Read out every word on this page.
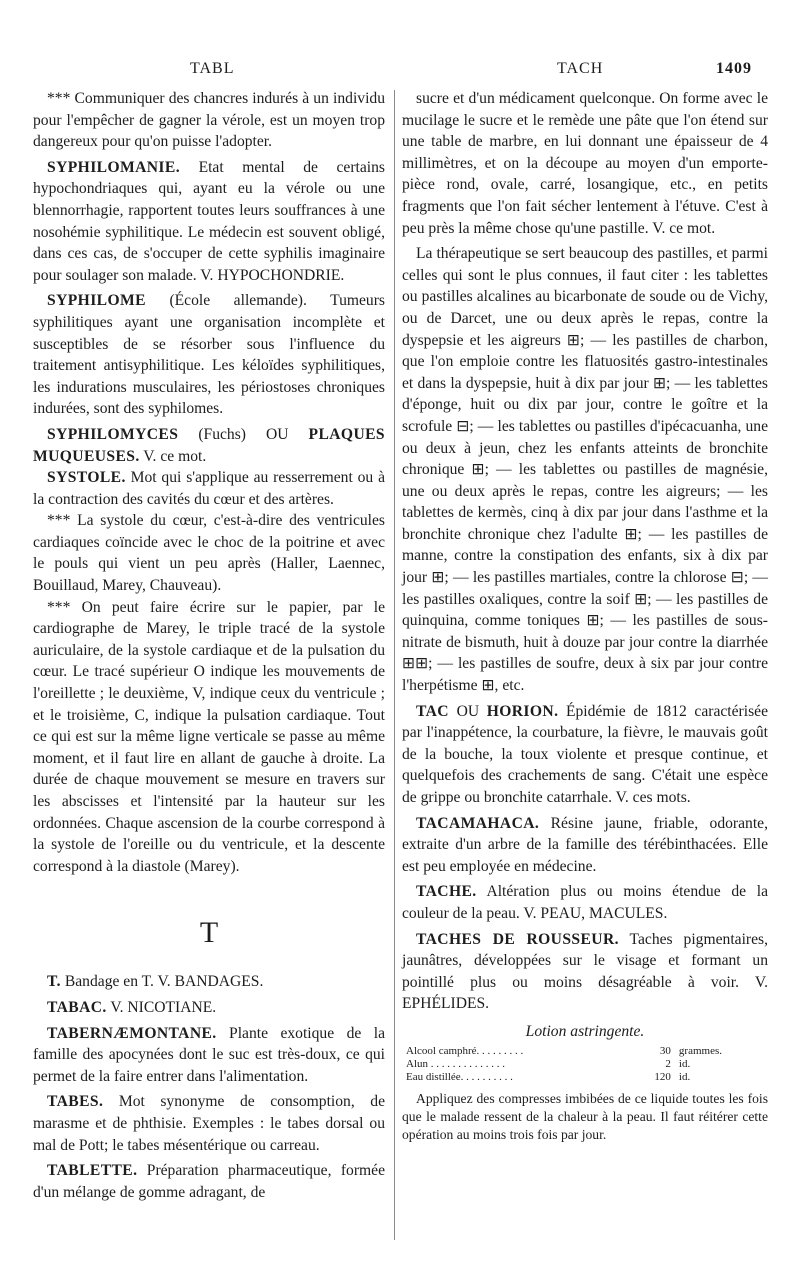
TABL	TACH	1409

*** Communiquer des chancres indurés à un individu pour l'empêcher de gagner la vérole, est un moyen trop dangereux pour qu'on puisse l'adopter.

SYPHILOMANIE. Etat mental de certains hypochondriaques qui, ayant eu la vérole ou une blennorrhagie, rapportent toutes leurs souffrances à une nosohémie syphilitique. Le médecin est souvent obligé, dans ces cas, de s'occuper de cette syphilis imaginaire pour soulager son malade. V. HYPOCHONDRIE.

SYPHILOME (École allemande). Tumeurs syphilitiques ayant une organisation incomplète et susceptibles de se résorber sous l'influence du traitement antisyphilitique. Les kéloïdes syphilitiques, les indurations musculaires, les périostoses chroniques indurées, sont des syphilomes.

SYPHILOMYCES (Fuchs) OU PLAQUES MUQUEUSES. V. ce mot.

SYSTOLE. Mot qui s'applique au resserrement ou à la contraction des cavités du cœur et des artères.

*** La systole du cœur, c'est-à-dire des ventricules cardiaques coïncide avec le choc de la poitrine et avec le pouls qui vient un peu après (Haller, Laennec, Bouillaud, Marey, Chauveau).

*** On peut faire écrire sur le papier, par le cardiographe de Marey, le triple tracé de la systole auriculaire, de la systole cardiaque et de la pulsation du cœur. Le tracé supérieur O indique les mouvements de l'oreillette ; le deuxième, V, indique ceux du ventricule ; et le troisième, C, indique la pulsation cardiaque. Tout ce qui est sur la même ligne verticale se passe au même moment, et il faut lire en allant de gauche à droite. La durée de chaque mouvement se mesure en travers sur les abscisses et l'intensité par la hauteur sur les ordonnées. Chaque ascension de la courbe correspond à la systole de l'oreille ou du ventricule, et la descente correspond à la diastole (Marey).

T

T. Bandage en T. V. BANDAGES.

TABAC. V. NICOTIANE.

TABERNÆMONTANE. Plante exotique de la famille des apocynées dont le suc est très-doux, ce qui permet de la faire entrer dans l'alimentation.

TABES. Mot synonyme de consomption, de marasme et de phthisie. Exemples : le tabes dorsal ou mal de Pott; le tabes mésentérique ou carreau.

TABLETTE. Préparation pharmaceutique, formée d'un mélange de gomme adragant, de

sucre et d'un médicament quelconque. On forme avec le mucilage le sucre et le remède une pâte que l'on étend sur une table de marbre, en lui donnant une épaisseur de 4 millimètres, et on la découpe au moyen d'un emporte-pièce rond, ovale, carré, losangique, etc., en petits fragments que l'on fait sécher lentement à l'étuve. C'est à peu près la même chose qu'une pastille. V. ce mot.

La thérapeutique se sert beaucoup des pastilles, et parmi celles qui sont le plus connues, il faut citer : les tablettes ou pastilles alcalines au bicarbonate de soude ou de Vichy, ou de Darcet, une ou deux après le repas, contre la dyspepsie et les aigreurs ⊞; — les pastilles de charbon, que l'on emploie contre les flatuosités gastro-intestinales et dans la dyspepsie, huit à dix par jour ⊞; — les tablettes d'éponge, huit ou dix par jour, contre le goître et la scrofule ⊟; — les tablettes ou pastilles d'ipécacuanha, une ou deux à jeun, chez les enfants atteints de bronchite chronique ⊞; — les tablettes ou pastilles de magnésie, une ou deux après le repas, contre les aigreurs; — les tablettes de kermès, cinq à dix par jour dans l'asthme et la bronchite chronique chez l'adulte ⊞; — les pastilles de manne, contre la constipation des enfants, six à dix par jour ⊞; — les pastilles martiales, contre la chlorose ⊟; — les pastilles oxaliques, contre la soif ⊞; — les pastilles de quinquina, comme toniques ⊞; — les pastilles de sous-nitrate de bismuth, huit à douze par jour contre la diarrhée ⊞⊞; — les pastilles de soufre, deux à six par jour contre l'herpétisme ⊞, etc.

TAC OU HORION. Épidémie de 1812 caractérisée par l'inappétence, la courbature, la fièvre, le mauvais goût de la bouche, la toux violente et presque continue, et quelquefois des crachements de sang. C'était une espèce de grippe ou bronchite catarrhale. V. ces mots.

TACAMAHACA. Résine jaune, friable, odorante, extraite d'un arbre de la famille des térébinthacées. Elle est peu employée en médecine.

TACHE. Altération plus ou moins étendue de la couleur de la peau. V. PEAU, MACULES.

TACHES DE ROUSSEUR. Taches pigmentaires, jaunâtres, développées sur le visage et formant un pointillé plus ou moins désagréable à voir. V. EPHÉLIDES.

Lotion astringente.

Alcool camphré. . . . . . . . .	30	grammes.
Alun . . . . . . . . . . . . . .	2	id.
Eau distillée. . . . . . . . . .	120	id.

Appliquez des compresses imbibées de ce liquide toutes les fois que le malade ressent de la chaleur à la peau. Il faut réitérer cette opération au moins trois fois par jour.
